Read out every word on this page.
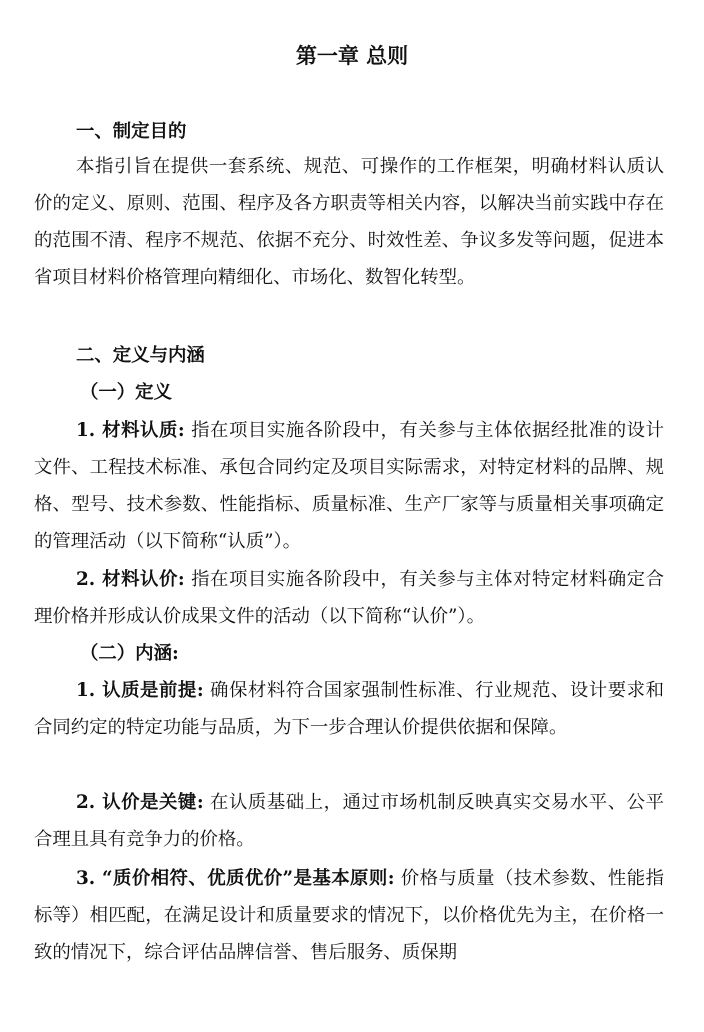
第一章 总则
一、制定目的

本指引旨在提供一套系统、规范、可操作的工作框架，明确材料认质认价的定义、原则、范围、程序及各方职责等相关内容，以解决当前实践中存在的范围不清、程序不规范、依据不充分、时效性差、争议多发等问题，促进本省项目材料价格管理向精细化、市场化、数智化转型。

二、定义与内涵
（一）定义

1. 材料认质: 指在项目实施各阶段中，有关参与主体依据经批准的设计文件、工程技术标准、承包合同约定及项目实际需求，对特定材料的品牌、规格、型号、技术参数、性能指标、质量标准、生产厂家等与质量相关事项确定的管理活动（以下简称“认质”）。

2. 材料认价: 指在项目实施各阶段中，有关参与主体对特定材料确定合理价格并形成认价成果文件的活动（以下简称“认价”）。

（二）内涵:

1. 认质是前提: 确保材料符合国家强制性标准、行业规范、设计要求和合同约定的特定功能与品质，为下一步合理认价提供依据和保障。

2. 认价是关键: 在认质基础上，通过市场机制反映真实交易水平、公平合理且具有竞争力的价格。

3. “质价相符、优质优价”是基本原则: 价格与质量（技术参数、性能指标等）相匹配，在满足设计和质量要求的情况下，以价格优先为主，在价格一致的情况下，综合评估品牌信誉、售后服务、质保期
